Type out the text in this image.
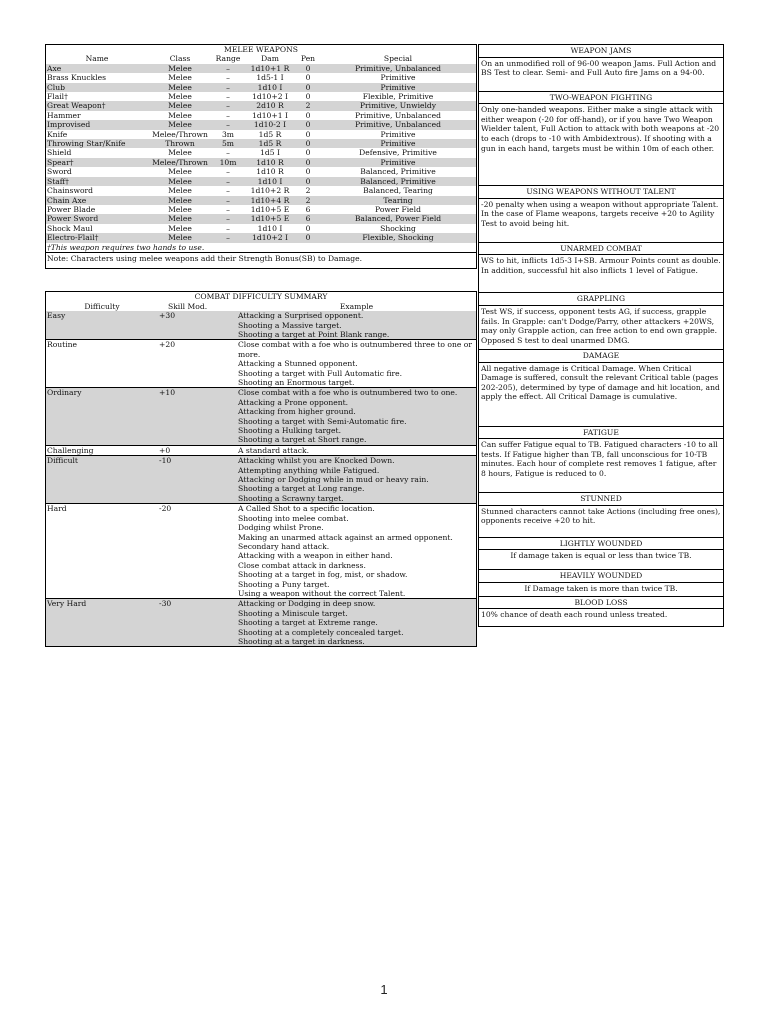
MELEE WEAPONS					
Name	Class	Range	Dam	Pen	Special
Axe	Melee	–	1d10+1 R	0	Primitive, Unbalanced
Brass Knuckles	Melee	–	1d5-1 I	0	Primitive
Club	Melee	–	1d10 I	0	Primitive
Flail†	Melee	–	1d10+2 I	0	Flexible, Primitive
Great Weapon†	Melee	–	2d10 R	2	Primitive, Unwieldy
Hammer	Melee	–	1d10+1 I	0	Primitive, Unbalanced
Improvised	Melee	–	1d10-2 I	0	Primitive, Unbalanced
Knife	Melee/Thrown	3m	1d5 R	0	Primitive
Throwing Star/Knife	Thrown	5m	1d5 R	0	Primitive
Shield	Melee	–	1d5 I	0	Defensive, Primitive
Spear†	Melee/Thrown	10m	1d10 R	0	Primitive
Sword	Melee	–	1d10 R	0	Balanced, Primitive
Staff†	Melee	–	1d10 I	0	Balanced, Primitive
Chainsword	Melee	–	1d10+2 R	2	Balanced, Tearing
Chain Axe	Melee	–	1d10+4 R	2	Tearing
Power Blade	Melee	–	1d10+5 E	6	Power Field
Power Sword	Melee	–	1d10+5 E	6	Balanced, Power Field
Shock Maul	Melee	–	1d10 I	0	Shocking
Electro-Flail†	Melee	–	1d10+2 I	0	Flexible, Shocking
†This weapon requires two hands to use.					
Note: Characters using melee weapons add their Strength Bonus(SB) to Damage.					
COMBAT DIFFICULTY SUMMARY		
Difficulty	Skill Mod.	Example
Easy	+30	Attacking a Surprised opponent.
		Shooting a Massive target.
		Shooting a target at Point Blank range.
Routine	+20	Close combat with a foe who is outnumbered three to one or more.
		Attacking a Stunned opponent.
		Shooting a target with Full Automatic fire.
		Shooting an Enormous target.
Ordinary	+10	Close combat with a foe who is outnumbered two to one.
		Attacking a Prone opponent.
		Attacking from higher ground.
		Shooting a target with Semi-Automatic fire.
		Shooting a Hulking target.
		Shooting a target at Short range.
Challenging	+0	A standard attack.
Difficult	-10	Attacking whilst you are Knocked Down.
		Attempting anything while Fatigued.
		Attacking or Dodging while in mud or heavy rain.
		Shooting a target at Long range.
		Shooting a Scrawny target.
Hard	-20	A Called Shot to a specific location.
		Shooting into melee combat.
		Dodging whilst Prone.
		Making an unarmed attack against an armed opponent.
		Secondary hand attack.
		Attacking with a weapon in either hand.
		Close combat attack in darkness.
		Shooting at a target in fog, mist, or shadow.
		Shooting a Puny target.
		Using a weapon without the correct Talent.
Very Hard	-30	Attacking or Dodging in deep snow.
		Shooting a Miniscule target.
		Shooting a target at Extreme range.
		Shooting at a completely concealed target.
		Shooting at a target in darkness.
WEAPON JAMS
On an unmodified roll of 96-00 weapon Jams. Full Action and BS Test to clear. Semi- and Full Auto fire Jams on a 94-00.
TWO-WEAPON FIGHTING
Only one-handed weapons. Either make a single attack with either weapon (-20 for off-hand), or if you have Two Weapon Wielder talent, Full Action to attack with both weapons at -20 to each (drops to -10 with Ambidextrous). If shooting with a gun in each hand, targets must be within 10m of each other.
USING WEAPONS WITHOUT TALENT
-20 penalty when using a weapon without appropriate Talent. In the case of Flame weapons, targets receive +20 to Agility Test to avoid being hit.
UNARMED COMBAT
WS to hit, inflicts 1d5-3 I+SB. Armour Points count as double. In addition, successful hit also inflicts 1 level of Fatigue.
GRAPPLING
Test WS, if success, opponent tests AG, if success, grapple fails. In Grapple: can't Dodge/Parry, other attackers +20WS, may only Grapple action, can free action to end own grapple. Opposed S test to deal unarmed DMG.
DAMAGE
All negative damage is Critical Damage. When Critical Damage is suffered, consult the relevant Critical table (pages 202-205), determined by type of damage and hit location, and apply the effect. All Critical Damage is cumulative.
FATIGUE
Can suffer Fatigue equal to TB. Fatigued characters -10 to all tests. If Fatigue higher than TB, fall unconscious for 10-TB minutes. Each hour of complete rest removes 1 fatigue, after 8 hours, Fatigue is reduced to 0.
STUNNED
Stunned characters cannot take Actions (including free ones), opponents receive +20 to hit.
LIGHTLY WOUNDED
If damage taken is equal or less than twice TB.
HEAVILY WOUNDED
If Damage taken is more than twice TB.
BLOOD LOSS
10% chance of death each round unless treated.
1
